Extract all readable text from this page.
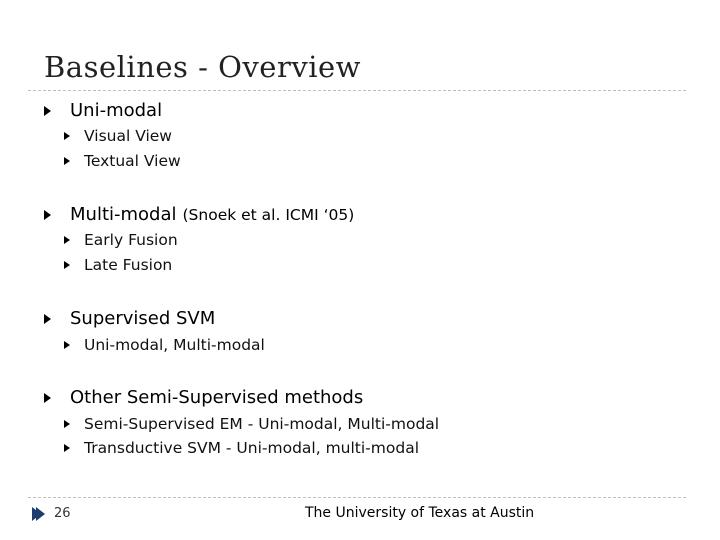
Baselines - Overview
Uni-modal
Visual View
Textual View
Multi-modal (Snoek et al. ICMI ‘05)
Early Fusion
Late Fusion
Supervised SVM
Uni-modal, Multi-modal
Other Semi-Supervised methods
Semi-Supervised EM - Uni-modal, Multi-modal
Transductive SVM - Uni-modal, multi-modal
26	The University of Texas at Austin
